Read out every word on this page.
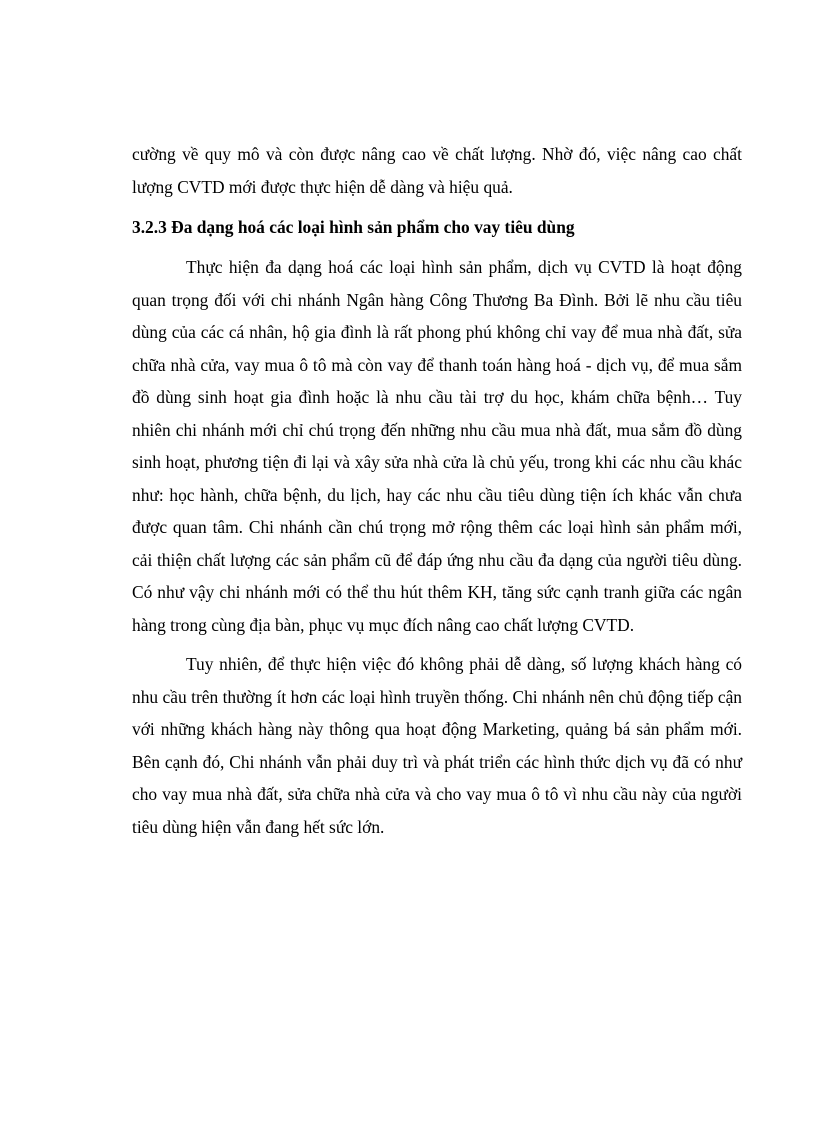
cường về quy mô và còn được nâng cao về chất lượng. Nhờ đó, việc nâng cao chất lượng CVTD mới được thực hiện dễ dàng và hiệu quả.

3.2.3 Đa dạng hoá các loại hình sản phẩm cho vay tiêu dùng

Thực hiện đa dạng hoá các loại hình sản phẩm, dịch vụ CVTD là hoạt động quan trọng đối với chi nhánh Ngân hàng Công Thương Ba Đình. Bởi lẽ nhu cầu tiêu dùng của các cá nhân, hộ gia đình là rất phong phú không chỉ vay để mua nhà đất, sửa chữa nhà cửa, vay mua ô tô mà còn vay để thanh toán hàng hoá - dịch vụ, để mua sắm đồ dùng sinh hoạt gia đình hoặc là nhu cầu tài trợ du học, khám chữa bệnh… Tuy nhiên chi nhánh mới chỉ chú trọng đến những nhu cầu mua nhà đất, mua sắm đồ dùng sinh hoạt, phương tiện đi lại và xây sửa nhà cửa là chủ yếu, trong khi các nhu cầu khác như: học hành, chữa bệnh, du lịch, hay các nhu cầu tiêu dùng tiện ích khác vẫn chưa được quan tâm. Chi nhánh cần chú trọng mở rộng thêm các loại hình sản phẩm mới, cải thiện chất lượng các sản phẩm cũ để đáp ứng nhu cầu đa dạng của người tiêu dùng. Có như vậy chi nhánh mới có thể thu hút thêm KH, tăng sức cạnh tranh giữa các ngân hàng trong cùng địa bàn, phục vụ mục đích nâng cao chất lượng CVTD.

Tuy nhiên, để thực hiện việc đó không phải dễ dàng, số lượng khách hàng có nhu cầu trên thường ít hơn các loại hình truyền thống. Chi nhánh nên chủ động tiếp cận với những khách hàng này thông qua hoạt động Marketing, quảng bá sản phẩm mới. Bên cạnh đó, Chi nhánh vẫn phải duy trì và phát triển các hình thức dịch vụ đã có như cho vay mua nhà đất, sửa chữa nhà cửa và cho vay mua ô tô vì nhu cầu này của người tiêu dùng hiện vẫn đang hết sức lớn.
